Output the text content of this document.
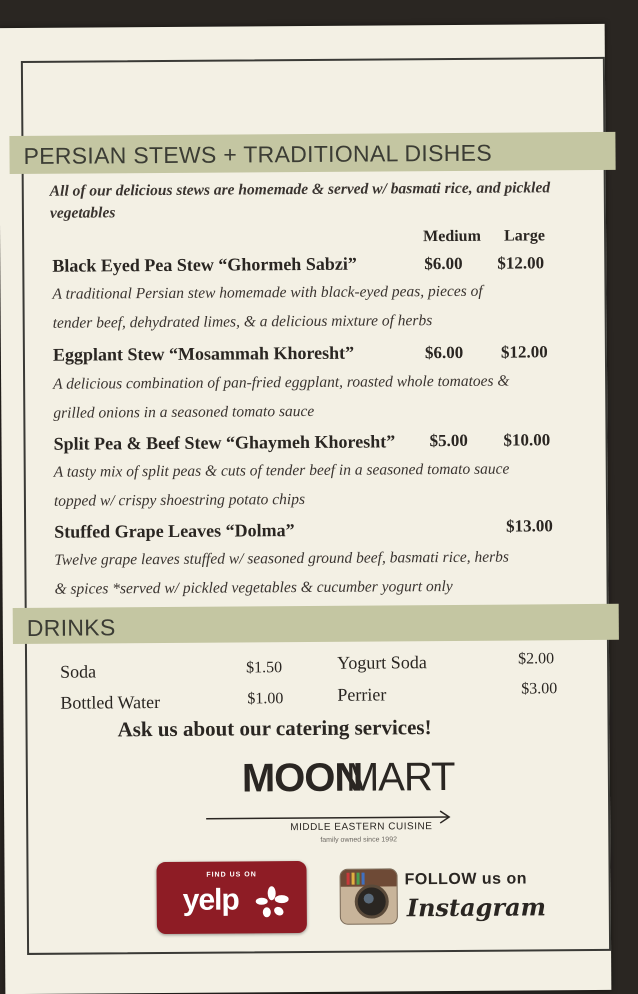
PERSIAN STEWS + TRADITIONAL DISHES
All of our delicious stews are homemade & served w/ basmati rice, and pickled vegetables
Medium Large
Black Eyed Pea Stew “Ghormeh Sabzi”	$6.00 $12.00
A traditional Persian stew homemade with black-eyed peas, pieces of
tender beef, dehydrated limes, & a delicious mixture of herbs
Eggplant Stew “Mosammah Khoresht”	$6.00 $12.00
A delicious combination of pan-fried eggplant, roasted whole tomatoes &
grilled onions in a seasoned tomato sauce
Split Pea & Beef Stew “Ghaymeh Khoresht” $5.00 $10.00
A tasty mix of split peas & cuts of tender beef in a seasoned tomato sauce
topped w/ crispy shoestring potato chips
Stuffed Grape Leaves “Dolma”	$13.00
Twelve grape leaves stuffed w/ seasoned ground beef, basmati rice, herbs
& spices *served w/ pickled vegetables & cucumber yogurt only
DRINKS
Soda	$1.50	Yogurt Soda	$2.00
Bottled Water	$1.00	Perrier	$3.00
Ask us about our catering services!
MOON
MART
MIDDLE EASTERN CUISINE
family owned since 1992
FIND US ON
yelp
FOLLOW us on
Instagram
